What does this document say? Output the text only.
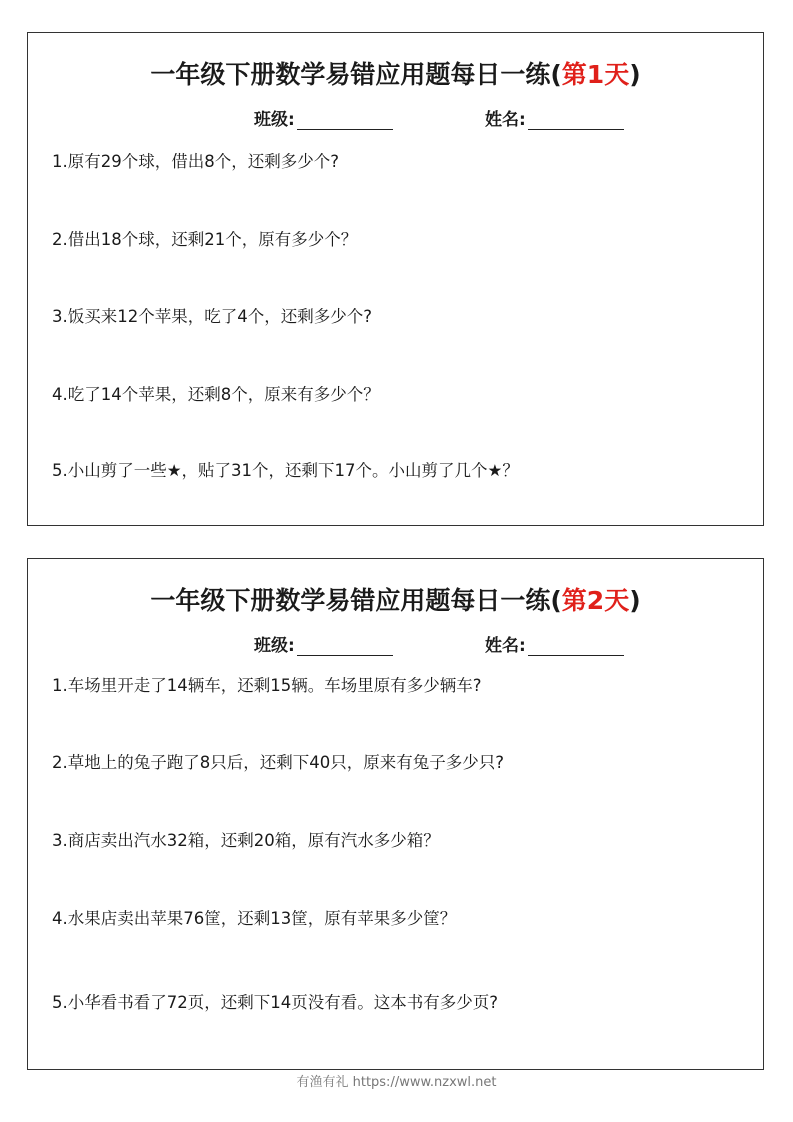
一年级下册数学易错应用题每日一练(第1天)
班级:	姓名:
1.原有29个球，借出8个，还剩多少个?
2.借出18个球，还剩21个，原有多少个？
3.饭买来12个苹果，吃了4个，还剩多少个?
4.吃了14个苹果，还剩8个，原来有多少个？
5.小山剪了一些★，贴了31个，还剩下17个。小山剪了几个★？
一年级下册数学易错应用题每日一练(第2天)
班级:	姓名:
1.车场里开走了14辆车，还剩15辆。车场里原有多少辆车?
2.草地上的兔子跑了8只后，还剩下40只，原来有兔子多少只?
3.商店卖出汽水32箱，还剩20箱，原有汽水多少箱？
4.水果店卖出苹果76筐，还剩13筐，原有苹果多少筐？
5.小华看书看了72页，还剩下14页没有看。这本书有多少页?
有渔有礼 https://www.nzxwl.net
